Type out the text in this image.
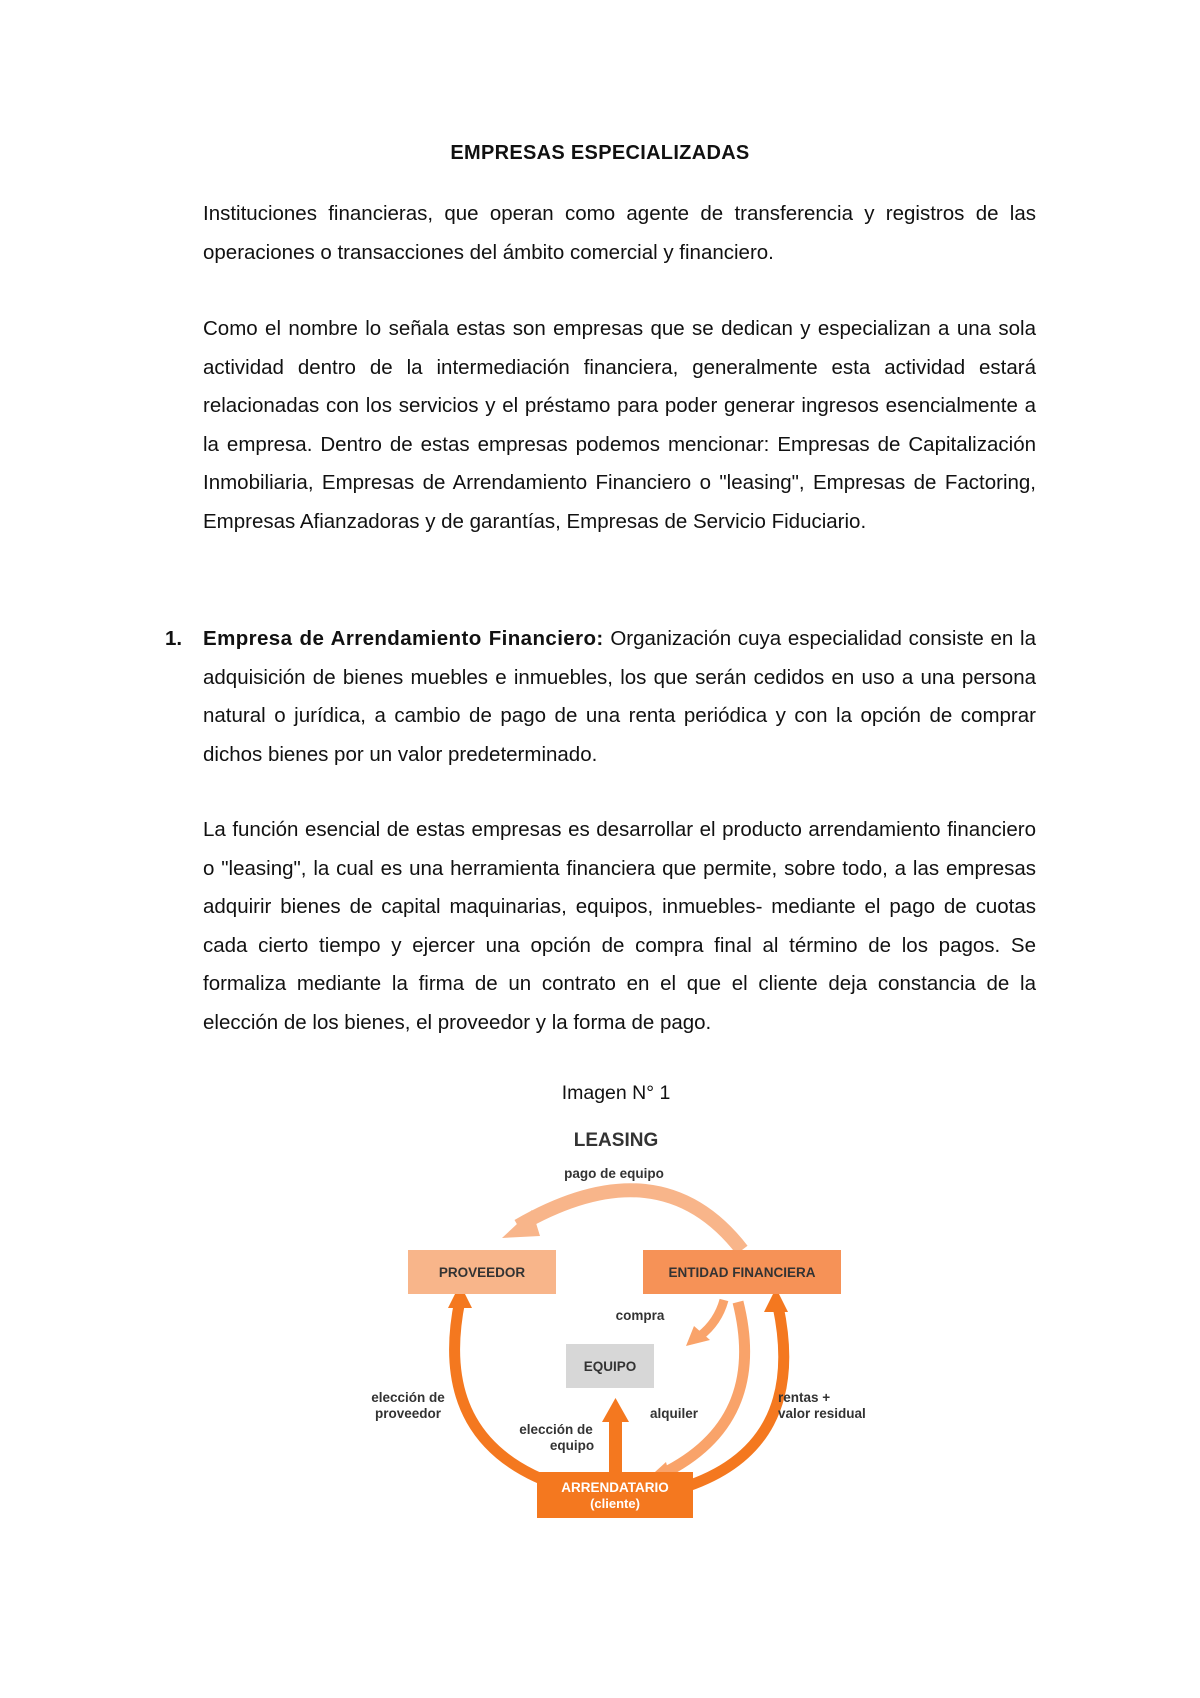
EMPRESAS ESPECIALIZADAS

Instituciones financieras, que operan como agente de transferencia y registros de las operaciones o transacciones del ámbito comercial y financiero.

Como el nombre lo señala estas son empresas que se dedican y especializan a una sola actividad dentro de la intermediación financiera, generalmente esta actividad estará relacionadas con los servicios y el préstamo para poder generar ingresos esencialmente a la empresa. Dentro de estas empresas podemos mencionar: Empresas de Capitalización Inmobiliaria, Empresas de Arrendamiento Financiero o "leasing", Empresas de Factoring, Empresas Afianzadoras y de garantías, Empresas de Servicio Fiduciario.

1. Empresa de Arrendamiento Financiero: Organización cuya especialidad consiste en la adquisición de bienes muebles e inmuebles, los que serán cedidos en uso a una persona natural o jurídica, a cambio de pago de una renta periódica y con la opción de comprar dichos bienes por un valor predeterminado.

La función esencial de estas empresas es desarrollar el producto arrendamiento financiero o "leasing", la cual es una herramienta financiera que permite, sobre todo, a las empresas adquirir bienes de capital maquinarias, equipos, inmuebles- mediante el pago de cuotas cada cierto tiempo y ejercer una opción de compra final al término de los pagos. Se formaliza mediante la firma de un contrato en el que el cliente deja constancia de la elección de los bienes, el proveedor y la forma de pago.

Imagen N° 1
LEASING
pago de equipo
PROVEEDOR	ENTIDAD FINANCIERA
EQUIPO
ARRENDATARIO
(cliente)
compra
elección de
proveedor
elección de
equipo
alquiler
rentas +
valor residual
